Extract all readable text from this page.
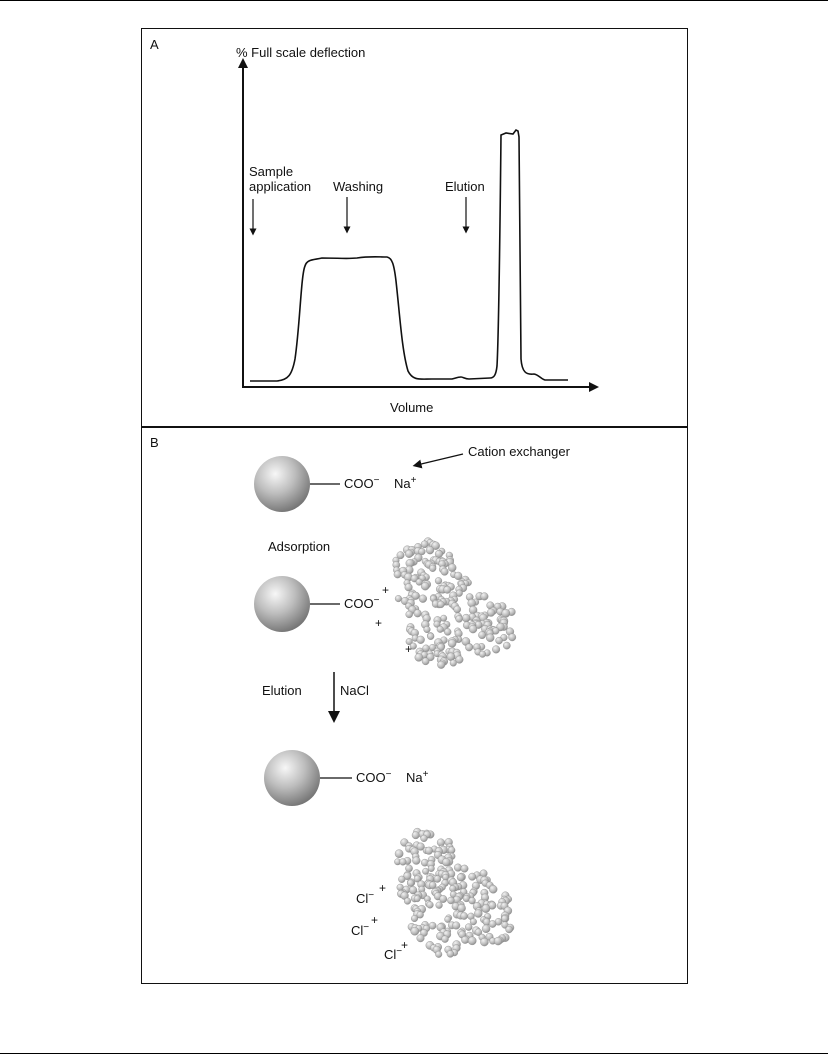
A
% Full scale deflection
Volume
Sample
application Washing	Elution
B
COO− Na+
Cation exchanger
Adsorption
COO−
+
+
+
Elution	NaCl
COO− Na+
Cl−
+
Cl−
+
Cl−
+
